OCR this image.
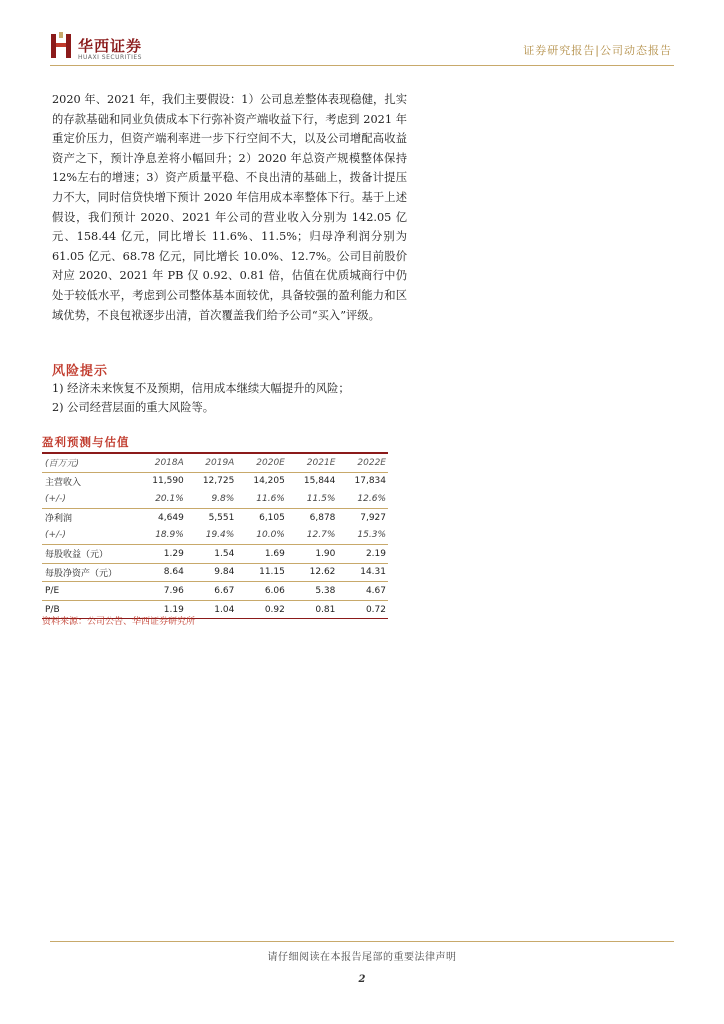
华西证券
HUAXI SECURITIES
证券研究报告|公司动态报告

2020 年、2021 年，我们主要假设：1）公司息差整体表现稳健，扎实的存款基础和同业负债成本下行弥补资产端收益下行，考虑到 2021 年重定价压力，但资产端利率进一步下行空间不大，以及公司增配高收益资产之下，预计净息差将小幅回升；2）2020 年总资产规模整体保持 12%左右的增速；3）资产质量平稳、不良出清的基础上，拨备计提压力不大，同时信贷快增下预计 2020 年信用成本率整体下行。基于上述假设，我们预计 2020、2021 年公司的营业收入分别为 142.05 亿元、158.44 亿元，同比增长 11.6%、11.5%；归母净利润分别为 61.05 亿元、68.78 亿元，同比增长 10.0%、12.7%。公司目前股价对应 2020、2021 年 PB 仅 0.92、0.81 倍，估值在优质城商行中仍处于较低水平，考虑到公司整体基本面较优，具备较强的盈利能力和区域优势，不良包袱逐步出清，首次覆盖我们给予公司“买入”评级。

风险提示
1) 经济未来恢复不及预期，信用成本继续大幅提升的风险；
2) 公司经营层面的重大风险等。
盈利预测与估值
(百万元)	2018A	2019A	2020E	2021E	2022E
主营收入	11,590	12,725	14,205	15,844	17,834
(+/-)	20.1%	9.8%	11.6%	11.5%	12.6%
净利润	4,649	5,551	6,105	6,878	7,927
(+/-)	18.9%	19.4%	10.0%	12.7%	15.3%
每股收益（元）	1.29	1.54	1.69	1.90	2.19
每股净资产（元）	8.64	9.84	11.15	12.62	14.31
P/E	7.96	6.67	6.06	5.38	4.67
P/B	1.19	1.04	0.92	0.81	0.72
资料来源：公司公告、华西证券研究所
请仔细阅读在本报告尾部的重要法律声明
2
